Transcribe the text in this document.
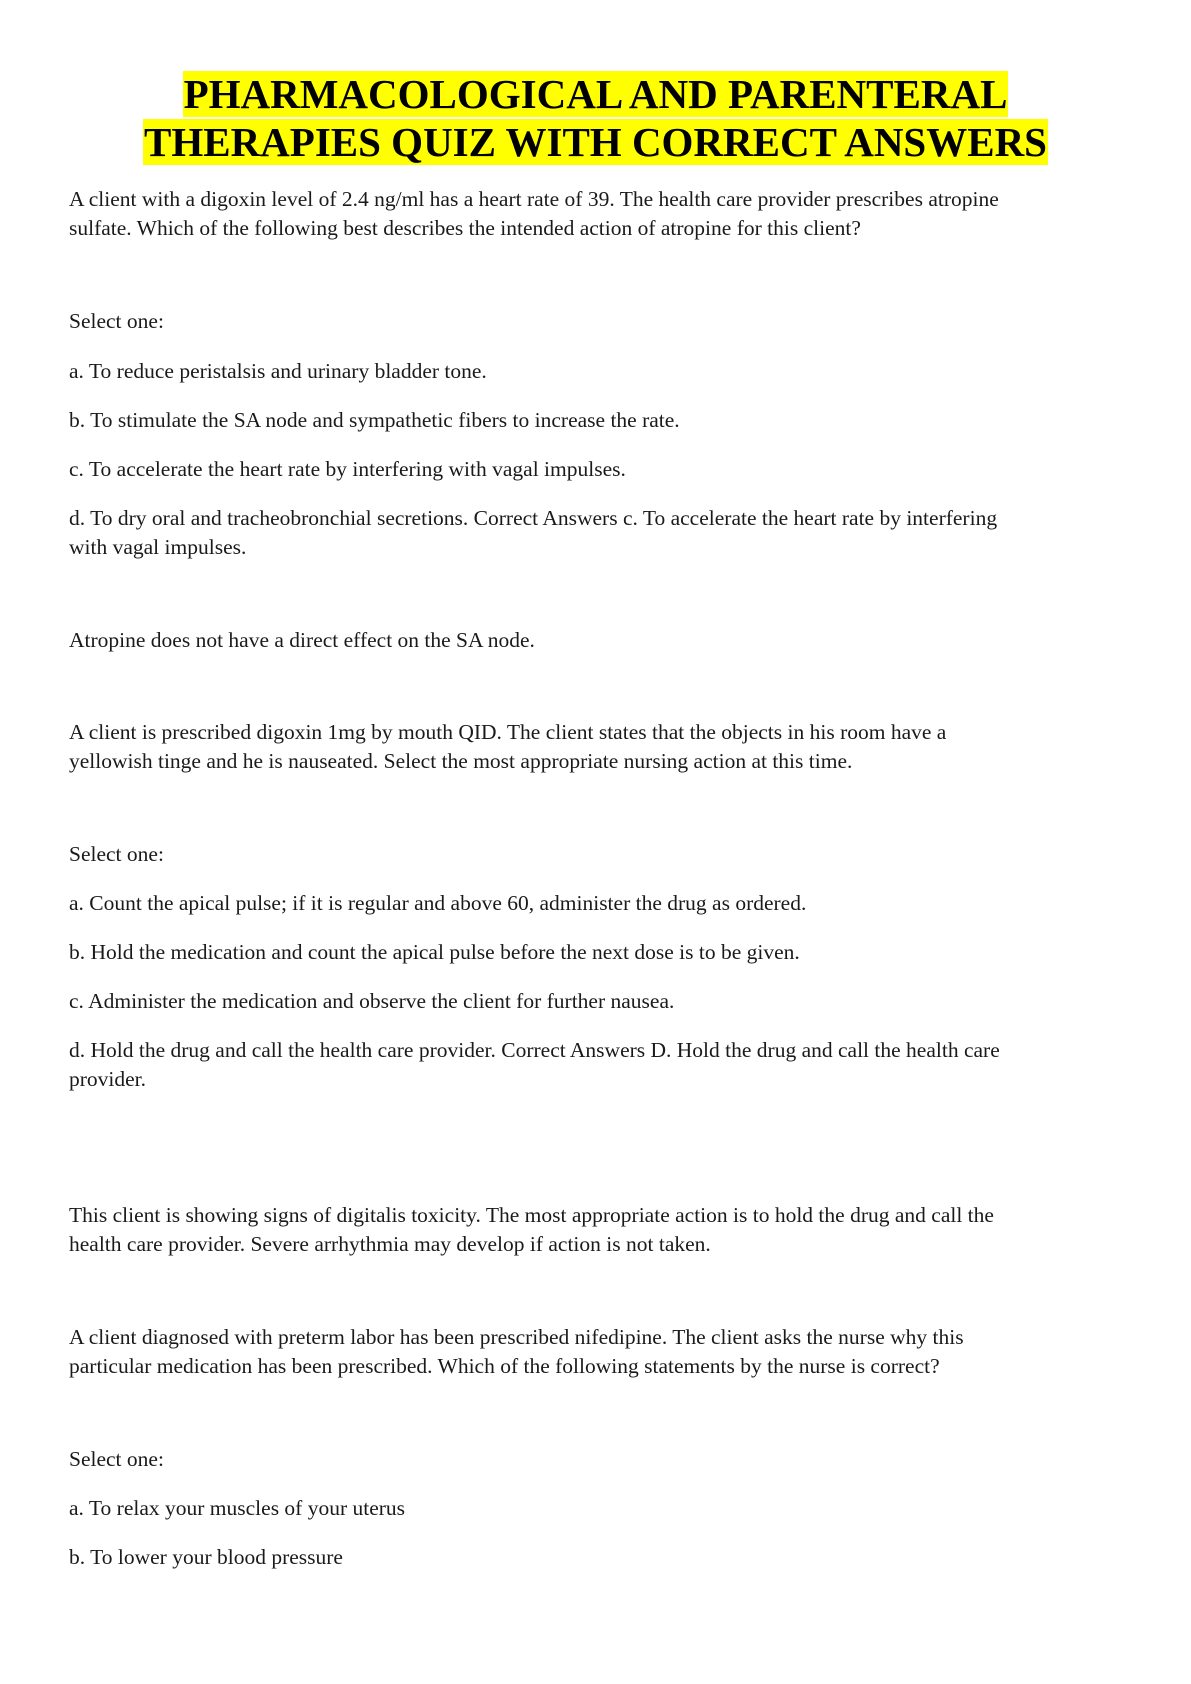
PHARMACOLOGICAL AND PARENTERAL
THERAPIES QUIZ WITH CORRECT ANSWERS
A client with a digoxin level of 2.4 ng/ml has a heart rate of 39. The health care provider prescribes atropine
sulfate. Which of the following best describes the intended action of atropine for this client?
Select one:
a. To reduce peristalsis and urinary bladder tone.
b. To stimulate the SA node and sympathetic fibers to increase the rate.
c. To accelerate the heart rate by interfering with vagal impulses.
d. To dry oral and tracheobronchial secretions. Correct Answers c. To accelerate the heart rate by interfering
with vagal impulses.
Atropine does not have a direct effect on the SA node.
A client is prescribed digoxin 1mg by mouth QID. The client states that the objects in his room have a
yellowish tinge and he is nauseated. Select the most appropriate nursing action at this time.
Select one:
a. Count the apical pulse; if it is regular and above 60, administer the drug as ordered.
b. Hold the medication and count the apical pulse before the next dose is to be given.
c. Administer the medication and observe the client for further nausea.
d. Hold the drug and call the health care provider. Correct Answers D. Hold the drug and call the health care
provider.
This client is showing signs of digitalis toxicity. The most appropriate action is to hold the drug and call the
health care provider. Severe arrhythmia may develop if action is not taken.
A client diagnosed with preterm labor has been prescribed nifedipine. The client asks the nurse why this
particular medication has been prescribed. Which of the following statements by the nurse is correct?
Select one:
a. To relax your muscles of your uterus
b. To lower your blood pressure
